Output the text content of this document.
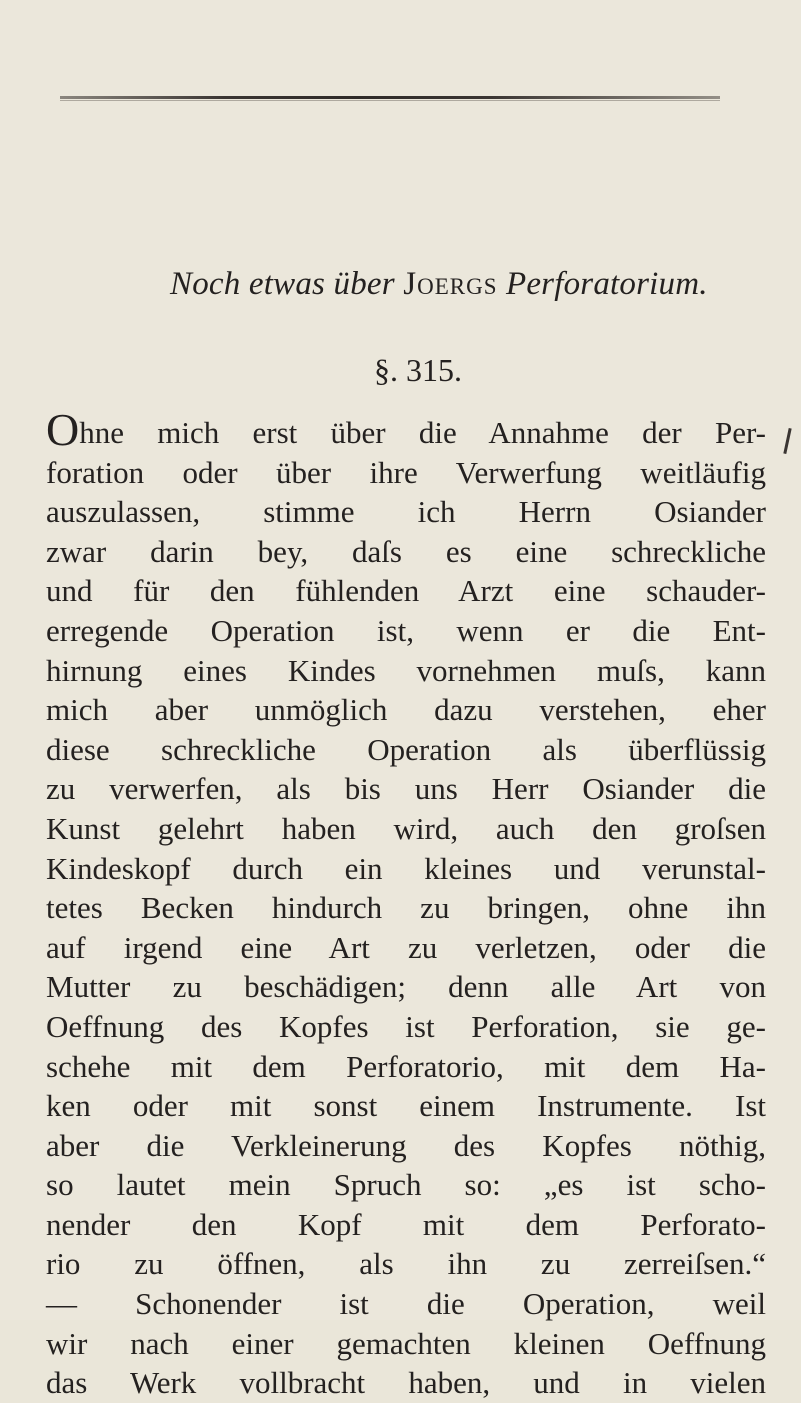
Noch etwas über Joergs Perforatorium.
§. 315.
Ohne mich erst über die Annahme der Per-
foration oder über ihre Verwerfung weitläufig
auszulassen, stimme ich Herrn Osiander
zwar darin bey, daſs es eine schreckliche
und für den fühlenden Arzt eine schauder-
erregende Operation ist, wenn er die Ent-
hirnung eines Kindes vornehmen muſs, kann
mich aber unmöglich dazu verstehen, eher
diese schreckliche Operation als überflüssig
zu verwerfen, als bis uns Herr Osiander die
Kunst gelehrt haben wird, auch den groſsen
Kindeskopf durch ein kleines und verunstal-
tetes Becken hindurch zu bringen, ohne ihn
auf irgend eine Art zu verletzen, oder die
Mutter zu beschädigen; denn alle Art von
Oeffnung des Kopfes ist Perforation, sie ge-
schehe mit dem Perforatorio, mit dem Ha-
ken oder mit sonst einem Instrumente. Ist
aber die Verkleinerung des Kopfes nöthig,
so lautet mein Spruch so: „es ist scho-
nender den Kopf mit dem Perforato-
rio zu öffnen, als ihn zu zerreiſsen.“
— Schonender ist die Operation, weil
wir nach einer gemachten kleinen Oeffnung
das Werk vollbracht haben, und in vielen
